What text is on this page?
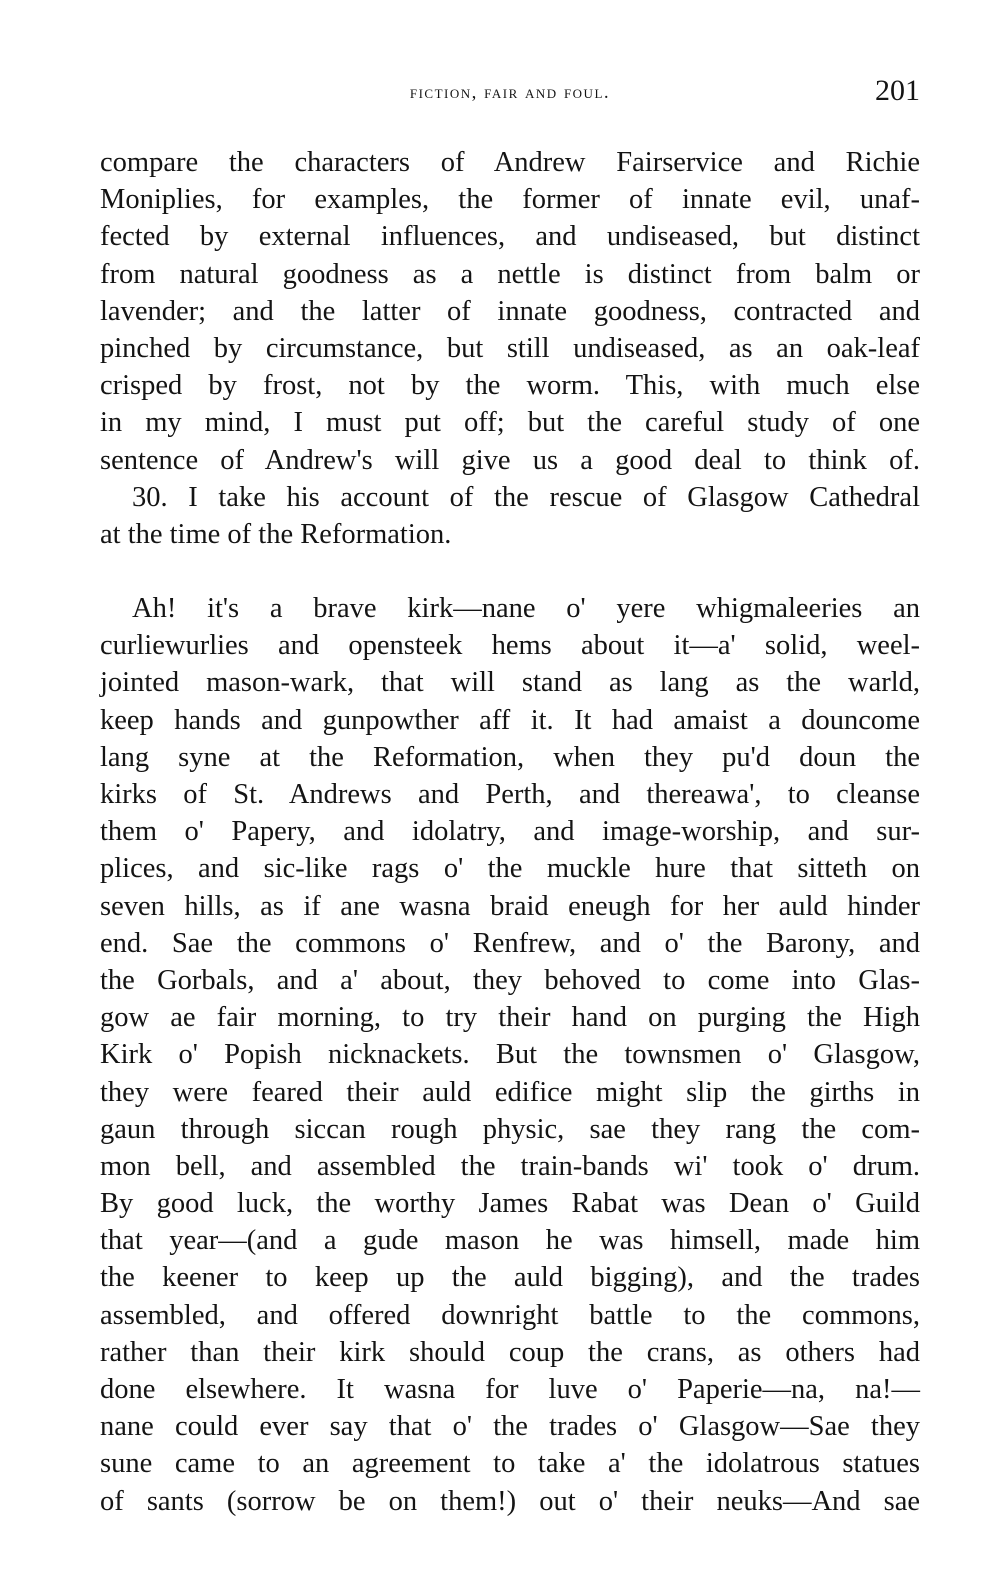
fiction, fair and foul.	201

compare the characters of Andrew Fairservice and Richie
Moniplies, for examples, the former of innate evil, unaf-
fected by external influences, and undiseased, but distinct
from natural goodness as a nettle is distinct from balm or
lavender; and the latter of innate goodness, contracted and
pinched by circumstance, but still undiseased, as an oak-leaf
crisped by frost, not by the worm. This, with much else
in my mind, I must put off; but the careful study of one
sentence of Andrew's will give us a good deal to think of.

30. I take his account of the rescue of Glasgow Cathedral
at the time of the Reformation.

Ah! it's a brave kirk—nane o' yere whigmaleeries an
curliewurlies and opensteek hems about it—a' solid, weel-
jointed mason-wark, that will stand as lang as the warld,
keep hands and gunpowther aff it. It had amaist a douncome
lang syne at the Reformation, when they pu'd doun the
kirks of St. Andrews and Perth, and thereawa', to cleanse
them o' Papery, and idolatry, and image-worship, and sur-
plices, and sic-like rags o' the muckle hure that sitteth on
seven hills, as if ane wasna braid eneugh for her auld hinder
end. Sae the commons o' Renfrew, and o' the Barony, and
the Gorbals, and a' about, they behoved to come into Glas-
gow ae fair morning, to try their hand on purging the High
Kirk o' Popish nicknackets. But the townsmen o' Glasgow,
they were feared their auld edifice might slip the girths in
gaun through siccan rough physic, sae they rang the com-
mon bell, and assembled the train-bands wi' took o' drum.
By good luck, the worthy James Rabat was Dean o' Guild
that year—(and a gude mason he was himsell, made him
the keener to keep up the auld bigging), and the trades
assembled, and offered downright battle to the commons,
rather than their kirk should coup the crans, as others had
done elsewhere. It wasna for luve o' Paperie—na, na!—
nane could ever say that o' the trades o' Glasgow—Sae they
sune came to an agreement to take a' the idolatrous statues
of sants (sorrow be on them!) out o' their neuks—And sae
